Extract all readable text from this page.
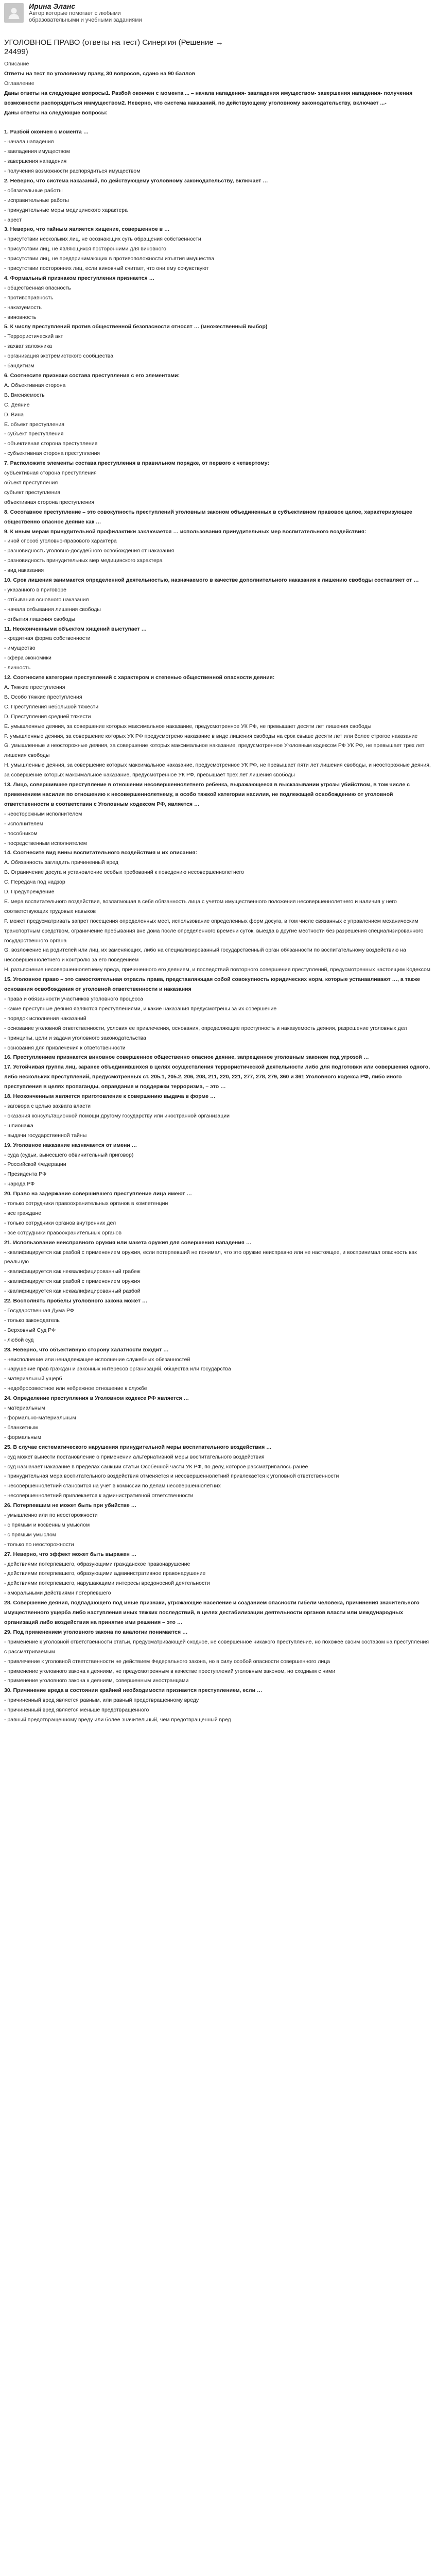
Ирина Эланс
Автор которые помогает с любыми образовательными и учебными заданиями
УГОЛОВНОЕ ПРАВО (ответы на тест) Синергия (Решение → 24499)

Описание

Ответы на тест по уголовному праву, 30 вопросов, сдано на 90 баллов

Оглавление

Даны ответы на следующие вопросы1. Разбой окончен с момента ... – начала нападения- завладения имуществом- завершения нападения- получения возможности распорядиться иммуществом2. Неверно, что система наказаний, по действующему уголовному законодательству, включает ...-

Даны ответы на следующие вопросы:

1. Разбой окончен с момента …

- начала нападения

- завладения имуществом

- завершения нападения

- получения возможности распорядиться имуществом

2. Неверно, что система наказаний, по действующему уголовному законодательству, включает …

- обязательные работы

- исправительные работы

- принудительные меры медицинского характера

- арест

3. Неверно, что тайным является хищение, совершенное в …

- присутствии нескольких лиц, не осознающих суть обращения собственности

- присутствии лиц, не являющихся посторонними для виновного

- присутствии лиц, не предпринимающих в противоположности изъятия имущества

- присутствии посторонних лиц, если виновный считает, что они ему сочувствуют

4. Формальный признаком преступления признается …

- общественная опасность

- противоправность

- наказуемость

- виновность

5. К числу преступлений против общественной безопасности относят … (множественный выбор)

- Террористический акт

- захват заложника

- организация экстремистского сообщества

- бандитизм

6. Соотнесите признаки состава преступления с его элементами:

A. Объективная сторона

B. Вменяемость

C. Деяние

D. Вина

E. объект преступления

- субъект преступления

- объективная сторона преступления

- субъективная сторона преступления

7. Расположите элементы состава преступления в правильном порядке, от первого к четвертому:

субъективная сторона преступления

объект преступления

субъект преступления

объективная сторона преступления

8. Сосотавное преступление – это совокупность преступлений уголовным законом объединенных в субъективном правовое целое, характеризующее общественно опасное деяние как …

9. К иным мерам принудительной профилактики заключается … использования принудительных мер воспитательного воздействия:

- иной способ уголовно-правового характера

- разновидность уголовно-досудебного освобождения от наказания

- разновидность принудительных мер медицинского характера

- вид наказания

10. Срок лишения занимается определенной деятельностью, назначаемого в качестве дополнительного наказания к лишению свободы составляет от …

- указанного в приговоре

- отбывания основного наказания

- начала отбывания лишения свободы

- отбытия лишения свободы

11. Неоконченными объектом хищений выступает …

- кредитная форма собственности

- имущество

- сфера экономики

- личность

12. Соотнесите категории преступлений с характером и степенью общественной опасности деяния:

A. Тяжкие преступления

B. Особо тяжкие преступления

C. Преступления небольшой тяжести

D. Преступления средней тяжести

E. умышленные деяния, за совершение которых максимальное наказание, предусмотренное УК РФ, не превышает десяти лет лишения свободы

F. умышленные деяния, за совершение которых УК РФ предусмотрено наказание в виде лишения свободы на срок свыше десяти лет или более строгое наказание

G. умышленные и неосторожные деяния, за совершение которых максимальное наказание, предусмотренное Уголовным кодексом РФ УК РФ, не превышает трех лет лишения свободы

H. умышленные деяния, за совершение которых максимальное наказание, предусмотренное УК РФ, не превышает пяти лет лишения свободы, и неосторожные деяния, за совершение которых максимальное наказание, предусмотренное УК РФ, превышает трех лет лишения свободы

13. Лицо, совершившее преступление в отношении несовершеннолетнего ребенка, выражающееся в высказывании угрозы убийством, в том числе с применением насилия по отношению к несовершеннолетнему, в особо тяжкой категории насилия, не подлежащей освобождению от уголовной ответственности в соответствии с Уголовным кодексом РФ, является …

- неосторожным исполнителем

- исполнителем

- пособником

- посредственным исполнителем

14. Соотнесите вид вины воспитательного воздействия и их описания:

A. Обязанность загладить причиненный вред

B. Ограничение досуга и установление особых требований к поведению несовершеннолетнего

C. Передача под надзор

D. Предупреждение

E. мера воспитательного воздействия, возлагающая в себя обязанность лица с учетом имущественного положения несовершеннолетнего и наличия у него соответствующих трудовых навыков

F. может предусматривать запрет посещения определенных мест, использование определенных форм досуга, в том числе связанных с управлением механическим транспортным средством, ограничение пребывания вне дома после определенного времени суток, выезда в другие местности без разрешения специализированного государственного органа

G. возложение на родителей или лиц, их заменяющих, либо на специализированный государственный орган обязанности по воспитательному воздействию на несовершеннолетнего и контролю за его поведением

H. разъяснение несовершеннолетнему вреда, причиненного его деянием, и последствий повторного совершения преступлений, предусмотренных настоящим Кодексом

15. Уголовное право – это самостоятельная отрасль права, представляющая собой совокупность юридических норм, которые устанавливают …, а также основания освобождения от уголовной ответственности и наказания

- права и обязанности участников уголовного процесса

- какие преступные деяния являются преступлениями, и какие наказания предусмотрены за их совершение

- порядок исполнения наказаний

- основание уголовной ответственности, условия ее привлечения, основания, определяющие преступность и наказуемость деяния, разрешение уголовных дел

- принципы, цели и задачи уголовного законодательства

- основания для привлечения к ответственности

16. Преступлением признается виновное совершенное общественно опасное деяние, запрещенное уголовным законом под угрозой …

17. Устойчивая группа лиц, заранее объединившихся в целях осуществления террористической деятельности либо для подготовки или совершения одного, либо нескольких преступлений, предусмотренных ст. 205.1, 205.2, 206, 208, 211, 220, 221, 277, 278, 279, 360 и 361 Уголовного кодекса РФ, либо иного преступления в целях пропаганды, оправдания и поддержки терроризма, – это …

18. Неоконченным является приготовление к совершению выдача в форме …

- заговора с целью захвата власти

- оказания консультационной помощи другому государству или иностранной организации

- шпионажа

- выдачи государственной тайны

19. Уголовное наказание назначается от имени …

- суда (судьи, вынесшего обвинительный приговор)

- Российской Федерации

- Президента РФ

- народа РФ

20. Право на задержание совершившего преступление лица имеют …

- только сотрудники правоохранительных органов в компетенции

- все граждане

- только сотрудники органов внутренних дел

- все сотрудники правоохранительных органов

21. Использование неисправного оружия или макета оружия для совершения нападения …

- квалифицируется как разбой с применением оружия, если потерпевший не понимал, что это оружие неисправно или не настоящее, и воспринимал опасность как реальную

- квалифицируется как неквалифицированный грабеж

- квалифицируется как разбой с применением оружия

- квалифицируется как неквалифицированный разбой

22. Восполнять пробелы уголовного закона может …

- Государственная Дума РФ

- только законодатель

- Верховный Суд РФ

- любой суд

23. Неверно, что объективную сторону халатности входит …

- неисполнение или ненадлежащее исполнение служебных обязанностей

- нарушение прав граждан и законных интересов организаций, общества или государства

- материальный ущерб

- недобросовестное или небрежное отношение к службе

24. Определение преступления в Уголовном кодексе РФ является …

- материальным

- формально-материальным

- бланкетным

- формальным

25. В случае систематического нарушения принудительной меры воспитательного воздействия …

- суд может вынести постановление о применении альтернативной меры воспитательного воздействия

- суд назначает наказание в пределах санкции статьи Особенной части УК РФ, по делу, которое рассматривалось ранее

- принудительная мера воспитательного воздействия отменяется и несовершеннолетний привлекается к уголовной ответственности

- несовершеннолетний становится на учет в комиссии по делам несовершеннолетних

- несовершеннолетний привлекается к административной ответственности

26. Потерпевшим не может быть при убийстве …

- умышленно или по неосторожности

- с прямым и косвенным умыслом

- с прямым умыслом

- только по неосторожности

27. Неверно, что эффект может быть выражен …

- действиями потерпевшего, образующими гражданское правонарушение

- действиями потерпевшего, образующими административное правонарушение

- действиями потерпевшего, нарушающими интересы вредоносной деятельности

- аморальными действиями потерпевшего

28. Совершение деяния, подпадающего под иные признаки, угрожающие население и созданием опасности гибели человека, причинения значительного имущественного ущерба либо наступления иных тяжких последствий, в целях дестабилизации деятельности органов власти или международных организаций либо воздействия на принятие ими решения – это …

29. Под применением уголовного закона по аналогии понимается …

- применение к уголовной ответственности статьи, предусматривающей сходное, не совершенное никакого преступление, но похожее своим составом на преступления с рассматриваемым

- привлечение к уголовной ответственности не действием Федерального закона, но в силу особой опасности совершенного лица

- применение уголовного закона к деяниям, не предусмотренным в качестве преступлений уголовным законом, но сходным с ними

- применение уголовного закона к деяниям, совершенным иностранцами

30. Причинение вреда в состоянии крайней необходимости признается преступлением, если …

- причиненный вред является равным, или равный предотвращенному вреду

- причиненный вред является меньше предотвращенного

- равный предотвращенному вреду или более значительный, чем предотвращенный вред
